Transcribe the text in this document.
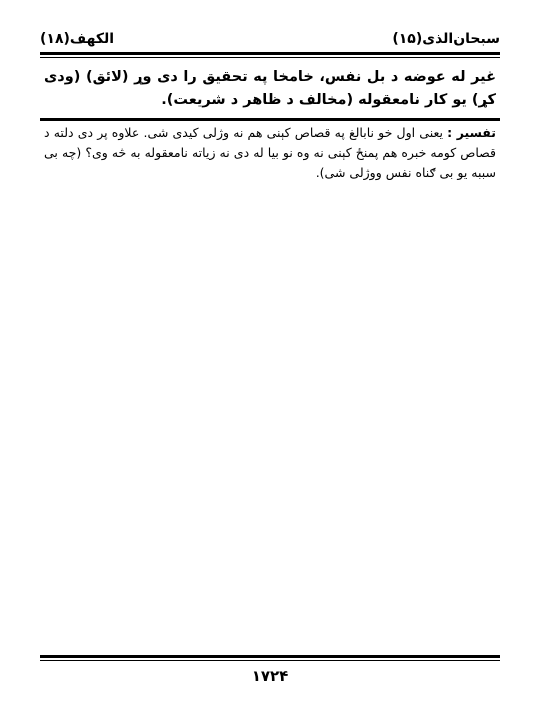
الکهف(۱۸)	سبحان‌الذی(۱۵)
غیر له عوضه د بل نفس، خامخا په تحقیق را دی وړ (لائق) (ودی کړ) یو کار نامعقوله (مخالف د ظاهر د شریعت).
تفسیر : یعنی اول خو نابالغ په قصاص کېنی هم نه وژلی کیدی شی. علاوه پر دی دلته د قصاص کومه خبره هم پمنځ کېنی نه وه نو بیا له دی نه زیاته نامعقوله به څه وی؟ (چه بی سببه یو بی ګناه نفس ووژلی شی).
۱۷۲۴
